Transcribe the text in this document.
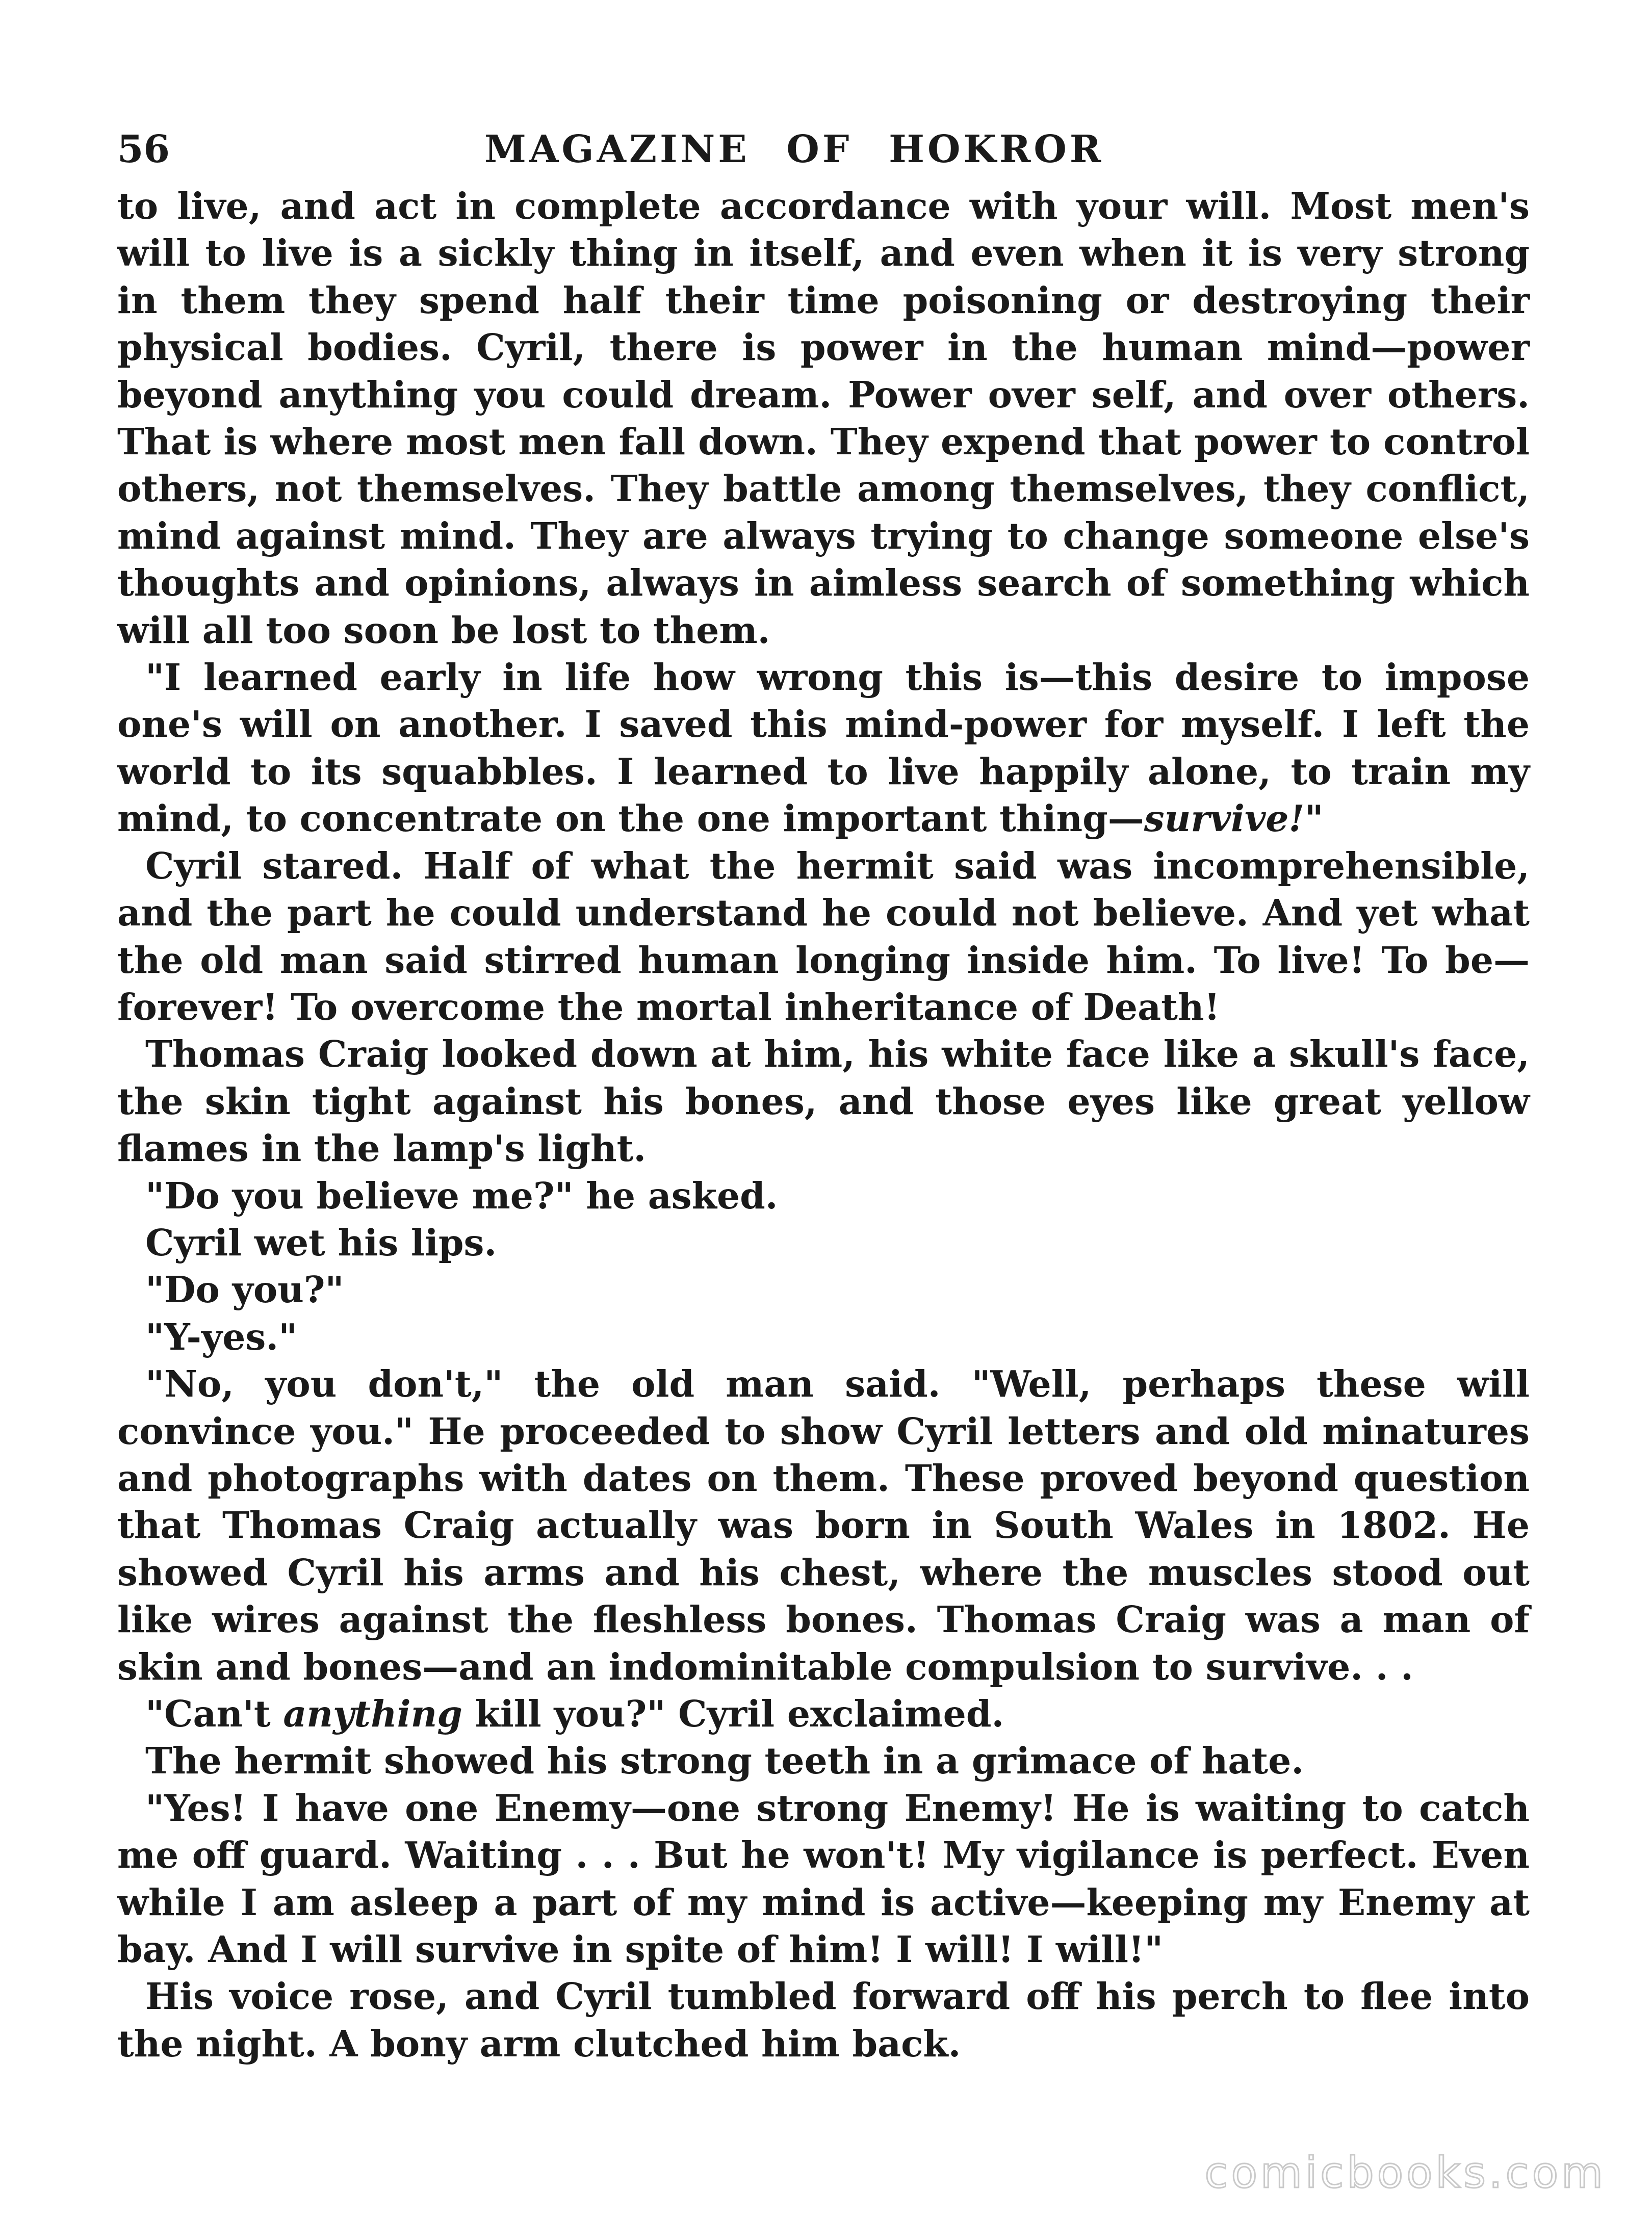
56	MAGAZINE OF HOKROR

to live, and act in complete accordance with your will. Most men's will to live is a sickly thing in itself, and even when it is very strong in them they spend half their time poisoning or destroying their physical bodies. Cyril, there is power in the human mind—power beyond anything you could dream. Power over self, and over others. That is where most men fall down. They expend that power to control others, not themselves. They battle among themselves, they conflict, mind against mind. They are always trying to change someone else's thoughts and opinions, always in aimless search of something which will all too soon be lost to them.

"I learned early in life how wrong this is—this desire to impose one's will on another. I saved this mind-power for myself. I left the world to its squabbles. I learned to live happily alone, to train my mind, to concentrate on the one important thing—survive!"

Cyril stared. Half of what the hermit said was incomprehensible, and the part he could understand he could not believe. And yet what the old man said stirred human longing inside him. To live! To be—forever! To overcome the mortal inheritance of Death!

Thomas Craig looked down at him, his white face like a skull's face, the skin tight against his bones, and those eyes like great yellow flames in the lamp's light.

"Do you believe me?" he asked.

Cyril wet his lips.

"Do you?"

"Y-yes."

"No, you don't," the old man said. "Well, perhaps these will convince you." He proceeded to show Cyril letters and old minatures and photographs with dates on them. These proved beyond question that Thomas Craig actually was born in South Wales in 1802. He showed Cyril his arms and his chest, where the muscles stood out like wires against the fleshless bones. Thomas Craig was a man of skin and bones—and an indominitable compulsion to survive. . .

"Can't anything kill you?" Cyril exclaimed.

The hermit showed his strong teeth in a grimace of hate.

"Yes! I have one Enemy—one strong Enemy! He is waiting to catch me off guard. Waiting . . . But he won't! My vigilance is perfect. Even while I am asleep a part of my mind is active—keeping my Enemy at bay. And I will survive in spite of him! I will! I will!"

His voice rose, and Cyril tumbled forward off his perch to flee into the night. A bony arm clutched him back.

comicbooks.com
